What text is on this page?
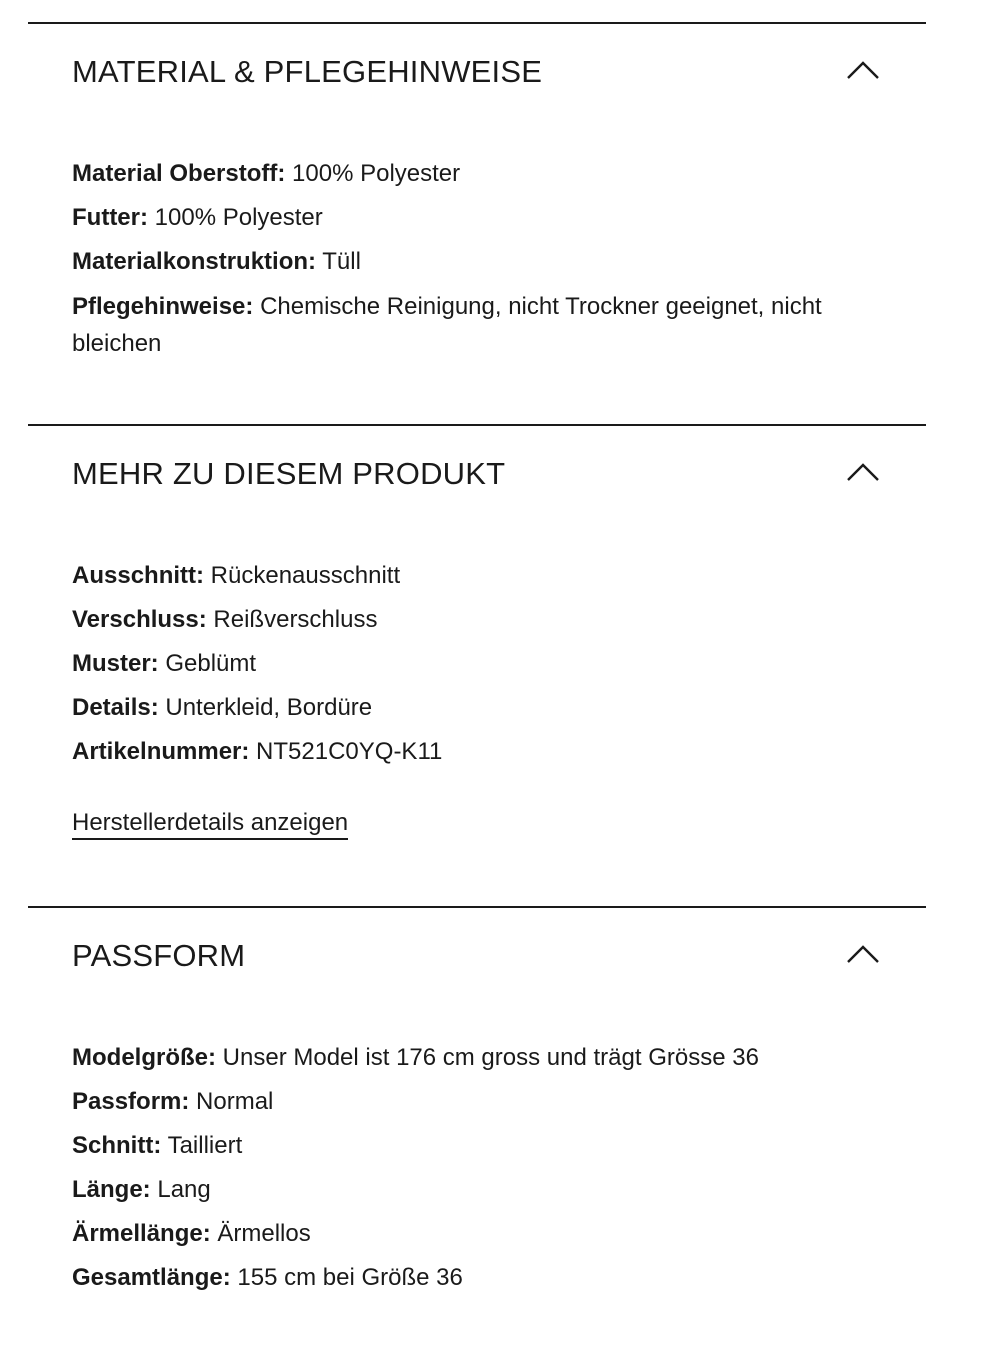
MATERIAL & PFLEGEHINWEISE

Material Oberstoff: 100% Polyester

Futter: 100% Polyester

Materialkonstruktion: Tüll

Pflegehinweise: Chemische Reinigung, nicht Trockner geeignet, nicht bleichen

MEHR ZU DIESEM PRODUKT

Ausschnitt: Rückenausschnitt

Verschluss: Reißverschluss

Muster: Geblümt

Details: Unterkleid, Bordüre

Artikelnummer: NT521C0YQ-K11

Herstellerdetails anzeigen
PASSFORM

Modelgröße: Unser Model ist 176 cm gross und trägt Grösse 36

Passform: Normal

Schnitt: Tailliert

Länge: Lang

Ärmellänge: Ärmellos

Gesamtlänge: 155 cm bei Größe 36
